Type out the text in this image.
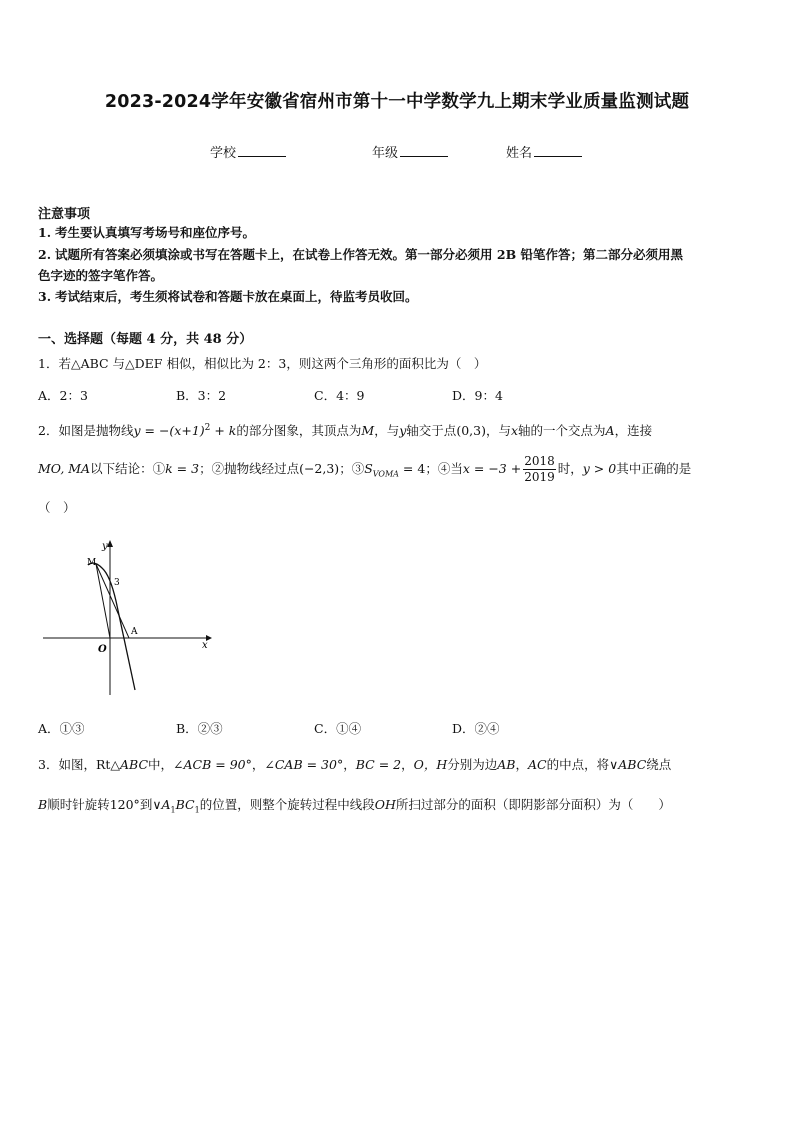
2023-2024学年安徽省宿州市第十一中学数学九上期末学业质量监测试题
学校	年级	姓名
注意事项
1. 考生要认真填写考场号和座位序号。
2. 试题所有答案必须填涂或书写在答题卡上，在试卷上作答无效。第一部分必须用 2B 铅笔作答；第二部分必须用黑
色字迹的签字笔作答。
3. 考试结束后，考生须将试卷和答题卡放在桌面上，待监考员收回。
一、选择题（每题 4 分，共 48 分）
1．若△ABC 与△DEF 相似，相似比为 2：3，则这两个三角形的面积比为（　）
A．2：3	B．3：2	C．4：9	D．9：4
2．如图是抛物线$y = -(x+1)^2 + k$的部分图象，其顶点为M，与y轴交于点(0,3)，与x轴的一个交点为A，连接
MO, MA以下结论：①k = 3；②抛物线经过点(−2,3)；$③S_{VOMA} = 4$；④当$x = -3 + \frac{2018}{2019}$ 时，y > 0其中正确的是
（　）
y
x
M
3
A
O
A．①③	B．②③	C．①④	D．②④
3．如图，Rt△ABC中，∠ACB = 90°，∠CAB = 30°，BC = 2，O，H分别为边AB，AC的中点，将∨ABC绕点
B顺时针旋转120°到$\vee A_1BC_1$的位置，则整个旋转过程中线段OH所扫过部分的面积（即阴影部分面积）为（　　）
